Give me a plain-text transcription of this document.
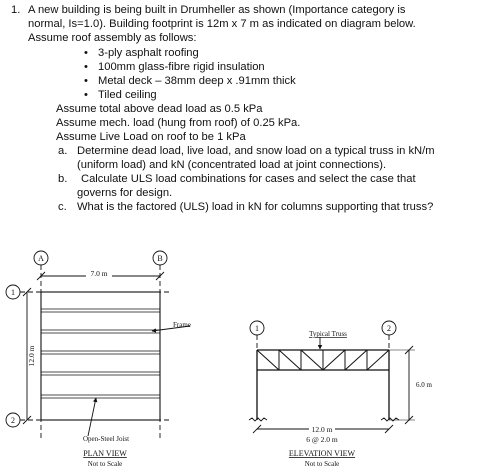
1. A new building is being built in Drumheller as shown (Importance category is
normal, Is=1.0). Building footprint is 12m x 7 m as indicated on diagram below.
Assume roof assembly as follows:
• 3-ply asphalt roofing
• 100mm glass-fibre rigid insulation
• Metal deck – 38mm deep x .91mm thick
• Tiled ceiling
Assume total above dead load as 0.5 kPa
Assume mech. load (hung from roof) of 0.25 kPa.
Assume Live Load on roof to be 1 kPa
a. Determine dead load, live load, and snow load on a typical truss in kN/m
(uniform load) and kN (concentrated load at joint connections).
b. Calculate ULS load combinations for cases and select the case that
governs for design.
c. What is the factored (ULS) load in kN for columns supporting that truss?
A	B
1
2
7.0 m
12.0 m
Frame
Open-Steel Joist
PLAN VIEW
Not to Scale
1	2
Typical Truss
6.0 m
12.0 m
6 @ 2.0 m
ELEVATION VIEW
Not to Scale
